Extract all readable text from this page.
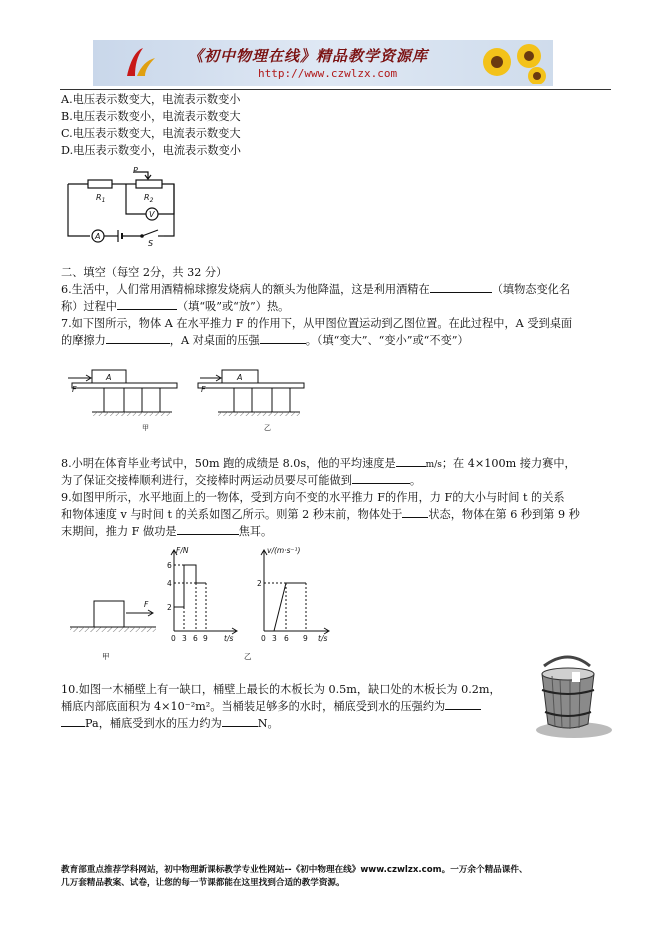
《初中物理在线》精品教学资源库
http://www.czwlzx.com
A.电压表示数变大，电流表示数变小
B.电压表示数变小，电流表示数变大
C.电压表示数变大，电流表示数变大
D.电压表示数变小，电流表示数变小
P
$R_1$	$R_2$
V
A
S
二、填空（每空 2分，共 32 分）
6.生活中，人们常用酒精棉球擦发烧病人的额头为他降温，这是利用酒精在	（填物态变化名
称）过程中	（填“吸”或“放”）热。
7.如下图所示，物体 A 在水平推力 F 的作用下，从甲图位置运动到乙图位置。在此过程中，A 受到桌面
的摩擦力	，A 对桌面的压强	。（填“变大”、“变小”或“不变”）
A	A
F	F
甲	乙
8.小明在体育毕业考试中，50m 跑的成绩是 8.0s，他的平均速度是	m/s；在 4×100m 接力赛中，
为了保证交接棒顺利进行，交接棒时两运动员要尽可能做到	。
9.如图甲所示，水平地面上的一物体，受到方向不变的水平推力 F的作用，力 F的大小与时间 t 的关系
和物体速度 v 与时间 t 的关系如图乙所示。则第 2 秒末前，物体处于 状态，物体在第 6 秒到第 9 秒
末期间，推力 F 做功是	焦耳。
F
F/N	v/(m·s⁻¹)
6
4
2
2
0 3 6 9 t/s	0 3 6 9 t/s
甲	乙
10.如图一木桶壁上有一缺口，桶壁上最长的木板长为 0.5m，缺口处的木板长为 0.2m，
桶底内部底面积为 4×10⁻²m²。当桶装足够多的水时，桶底受到水的压强约为
Pa，桶底受到水的压力约为	N。
教育部重点推荐学科网站，初中物理新课标教学专业性网站--《初中物理在线》www.czwlzx.com。一万余个精品课件、
几万套精品教案、试卷，让您的每一节课都能在这里找到合适的教学资源。
